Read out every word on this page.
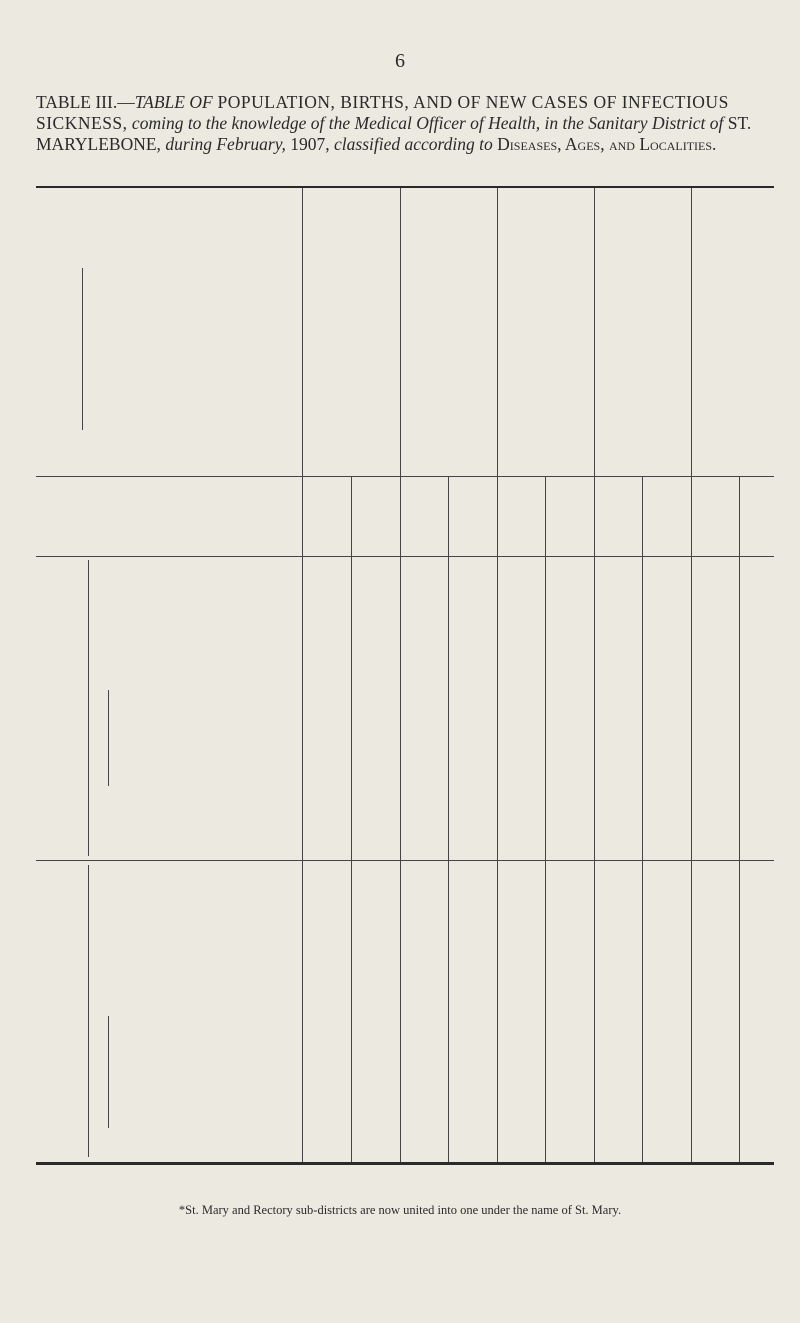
6
TABLE III.—TABLE OF POPULATION, BIRTHS, AND OF NEW CASES OF INFECTIOUS SICKNESS, coming to the knowledge of the Medical Officer of Health, in the Sanitary District of ST. MARYLEBONE, during February, 1907, classified according to Diseases, Ages, and Localities.
*St. Mary and Rectory sub-districts are now united into one under the name of St. Mary.
